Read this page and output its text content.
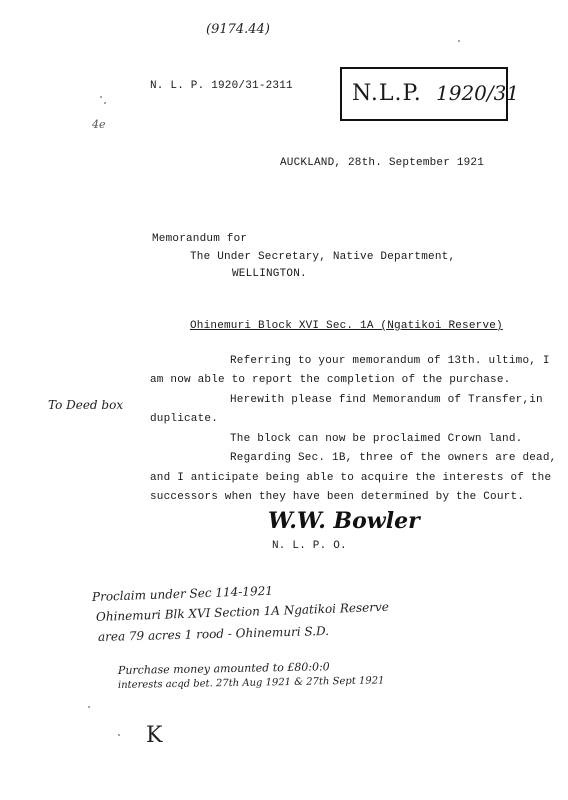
(9174.44)
N. L. P. 1920/31-2311
4e
N.L.P. 1920/31
AUCKLAND, 28th. September 1921
Memorandum for
The Under Secretary, Native Department,
WELLINGTON.
Ohinemuri Block XVI Sec. 1A (Ngatikoi Reserve)
Referring to your memorandum of 13th. ultimo, I
am now able to report the completion of the purchase.
Herewith please find Memorandum of Transfer,in
duplicate.
The block can now be proclaimed Crown land.
Regarding Sec. 1B, three of the owners are dead,
and I anticipate being able to acquire the interests of the
successors when they have been determined by the Court.
To Deed box
W.W. Bowler
N. L. P. O.
Proclaim under Sec 114-1921
Ohinemuri Blk XVI Section 1A Ngatikoi Reserve
area 79 acres 1 rood - Ohinemuri S.D.
Purchase money amounted to £80:0:0
interests acqd bet. 27th Aug 1921 & 27th Sept 1921
K
